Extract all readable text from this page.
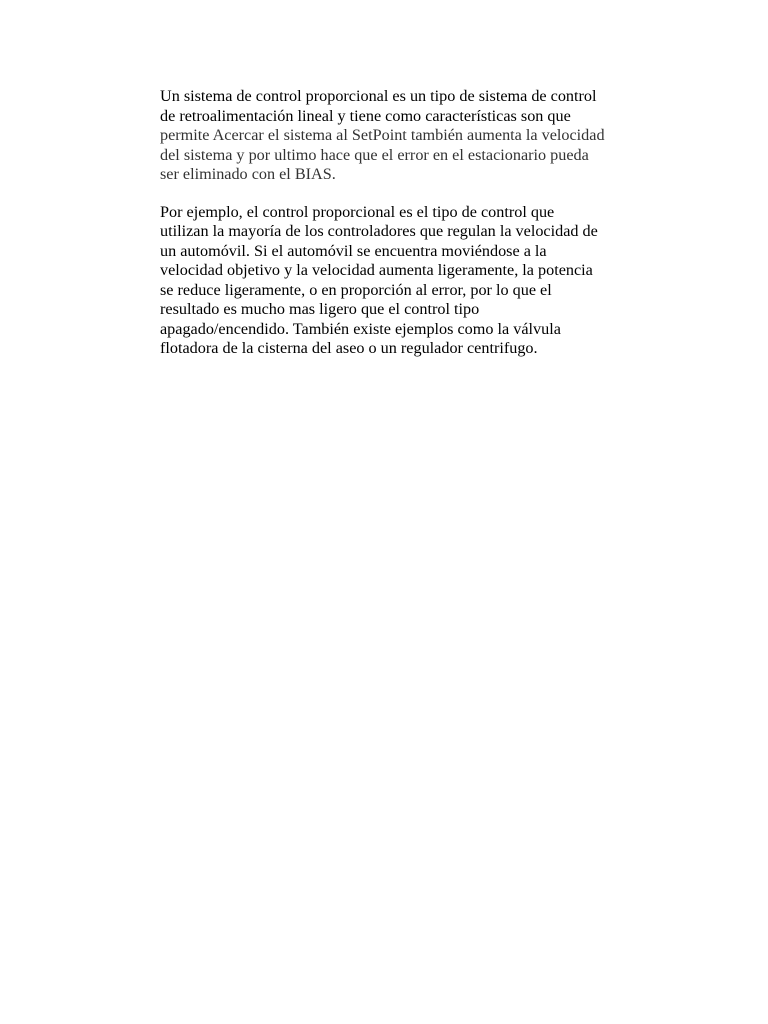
Un sistema de control proporcional es un tipo de sistema de control
de retroalimentación lineal y tiene como características son que
permite Acercar el sistema al SetPoint también aumenta la velocidad
del sistema y por ultimo hace que el error en el estacionario pueda
ser eliminado con el BIAS.

Por ejemplo, el control proporcional es el tipo de control que
utilizan la mayoría de los controladores que regulan la velocidad de
un automóvil. Si el automóvil se encuentra moviéndose a la
velocidad objetivo y la velocidad aumenta ligeramente, la potencia
se reduce ligeramente, o en proporción al error, por lo que el
resultado es mucho mas ligero que el control tipo
apagado/encendido. También existe ejemplos como la válvula
flotadora de la cisterna del aseo o un regulador centrifugo.
